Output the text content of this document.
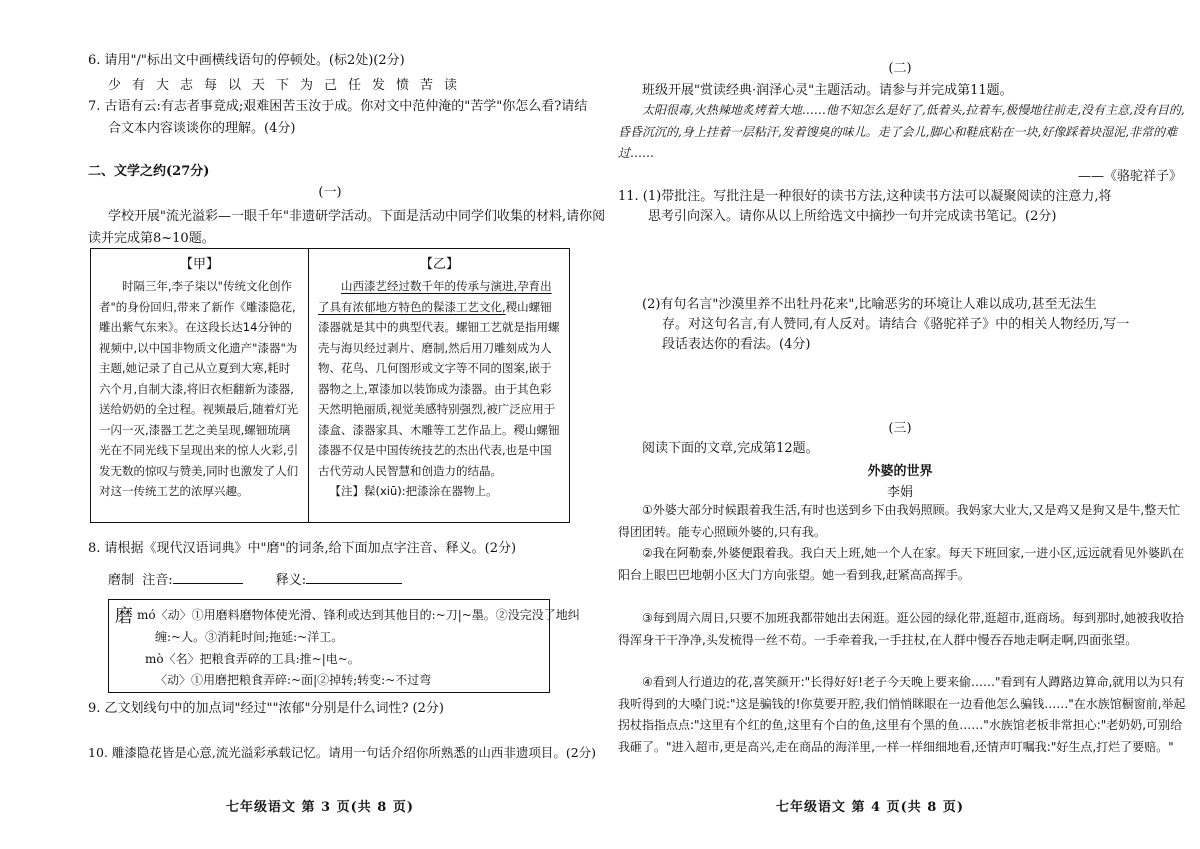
6. 请用"/"标出文中画横线语句的停顿处。(标2处)(2分)
少有大志每以天下为己任发愤苦读
7. 古语有云:有志者事竟成;艰难困苦玉汝于成。你对文中范仲淹的"苦学"你怎么看?请结
合文本内容谈谈你的理解。(4分)
二、文学之约(27分)
(一)
学校开展"流光溢彩—一眼千年"非遗研学活动。下面是活动中同学们收集的材料,请你阅
读并完成第8~10题。
【甲】

时隔三年,李子柒以"传统文化创作者"的身份回归,带来了新作《雕漆隐花,雕出紫气东来》。在这段长达14分钟的视频中,以中国非物质文化遗产"漆器"为主题,她记录了自己从立夏到大寒,耗时六个月,自制大漆,将旧衣柜翻新为漆器,送给奶奶的全过程。视频最后,随着灯光一闪一灭,漆器工艺之美呈现,螺钿琉璃光在不同光线下呈现出来的惊人火彩,引发无数的惊叹与赞美,同时也激发了人们对这一传统工艺的浓厚兴趣。

【乙】

山西漆艺经过数千年的传承与演进,孕育出了具有浓郁地方特色的髹漆工艺文化,稷山螺钿漆器就是其中的典型代表。螺钿工艺就是指用螺壳与海贝经过剥片、磨制,然后用刀雕刻成为人物、花鸟、几何图形或文字等不同的图案,嵌于器物之上,罩漆加以装饰成为漆器。由于其色彩天然明艳丽质,视觉美感特别强烈,被广泛应用于漆盒、漆器家具、木雕等工艺作品上。稷山螺钿漆器不仅是中国传统技艺的杰出代表,也是中国古代劳动人民智慧和创造力的结晶。

【注】髹(xiū):把漆涂在器物上。

8. 请根据《现代汉语词典》中"磨"的词条,给下面加点字注音、释义。(2分)
磨制 注音:	释义:
磨 mó〈动〉①用磨料磨物体使光滑、锋利或达到其他目的:~刀|~墨。②没完没了地纠
缠:~人。③消耗时间;拖延:~洋工。
mò〈名〉把粮食弄碎的工具:推~|电~。
〈动〉①用磨把粮食弄碎:~面|②掉转;转变:~不过弯
9. 乙文划线句中的加点词"经过""浓郁"分别是什么词性? (2分)
10. 雕漆隐花皆是心意,流光溢彩承载记忆。请用一句话介绍你所熟悉的山西非遗项目。(2分)
七年级语文 第 3 页(共 8 页)
(二)
班级开展"赏读经典·润泽心灵"主题活动。请参与并完成第11题。
太阳很毒,火热辣地炙烤着大地……他不知怎么是好了,低着头,拉着车,极慢地往前走,没有主意,没有目的,昏昏沉沉的,身上挂着一层粘汗,发着馊臭的味儿。走了会儿,脚心和鞋底粘在一块,好像踩着块湿泥,非常的难过……
——《骆驼祥子》
11. (1)带批注。写批注是一种很好的读书方法,这种读书方法可以凝聚阅读的注意力,将
思考引向深入。请你从以上所给选文中摘抄一句并完成读书笔记。(2分)
(2)有句名言"沙漠里养不出牡丹花来",比喻恶劣的环境让人难以成功,甚至无法生
存。对这句名言,有人赞同,有人反对。请结合《骆驼祥子》中的相关人物经历,写一
段话表达你的看法。(4分)
(三)
阅读下面的文章,完成第12题。
外婆的世界
李娟
①外婆大部分时候跟着我生活,有时也送到乡下由我妈照顾。我妈家大业大,又是鸡又是狗又是牛,整天忙得团团转。能专心照顾外婆的,只有我。
②我在阿勒泰,外婆便跟着我。我白天上班,她一个人在家。每天下班回家,一进小区,远远就看见外婆趴在阳台上眼巴巴地朝小区大门方向张望。她一看到我,赶紧高高挥手。
③每到周六周日,只要不加班我都带她出去闲逛。逛公园的绿化带,逛超市,逛商场。每到那时,她被我收拾得浑身干干净净,头发梳得一丝不苟。一手牵着我,一手拄杖,在人群中慢吞吞地走啊走啊,四面张望。
④看到人行道边的花,喜笑颜开:"长得好好!老子今天晚上要来偷……"看到有人蹲路边算命,就用以为只有我听得到的大嗓门说:"这是骗钱的!你莫要开腔,我们悄悄眯眼在一边看他怎么骗钱……"在水族馆橱窗前,举起拐杖指指点点:"这里有个红的鱼,这里有个白的鱼,这里有个黑的鱼……"水族馆老板非常担心:"老奶奶,可别给我砸了。"进入超市,更是高兴,走在商品的海洋里,一样一样细细地看,还情声叮嘱我:"好生点,打烂了要赔。"
七年级语文 第 4 页(共 8 页)
